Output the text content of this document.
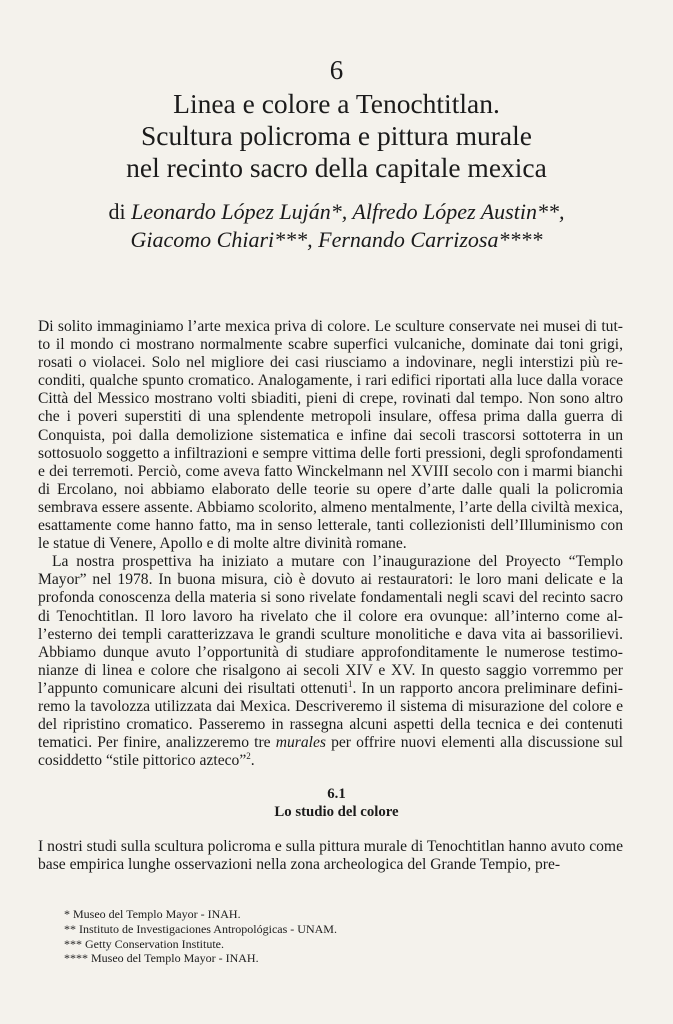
6
Linea e colore a Tenochtitlan.
Scultura policroma e pittura murale
nel recinto sacro della capitale mexica
di Leonardo López Luján*, Alfredo López Austin**,
Giacomo Chiari***, Fernando Carrizosa****

Di solito immaginiamo l’arte mexica priva di colore. Le sculture conservate nei musei di tutto il mondo ci mostrano normalmente scabre superfici vulcaniche, dominate dai toni grigi, rosati o violacei. Solo nel migliore dei casi riusciamo a indovinare, negli interstizi più reconditi, qualche spunto cromatico. Analogamente, i rari edifici riportati alla luce dalla vorace Città del Messico mostrano volti sbiaditi, pieni di crepe, rovinati dal tempo. Non sono altro che i poveri superstiti di una splendente metropoli insulare, offesa prima dalla guerra di Conquista, poi dalla demolizione sistematica e infine dai secoli trascorsi sottoterra in un sottosuolo soggetto a infiltrazioni e sempre vittima delle forti pressioni, degli sprofondamenti e dei terremoti. Perciò, come aveva fatto Winckelmann nel XVIII secolo con i marmi bianchi di Ercolano, noi abbiamo elaborato delle teorie su opere d’arte dalle quali la policromia sembrava essere assente. Abbiamo scolorito, almeno mentalmente, l’arte della civiltà mexica, esattamente come hanno fatto, ma in senso letterale, tanti collezionisti dell’Illuminismo con le statue di Venere, Apollo e di molte altre divinità romane.

La nostra prospettiva ha iniziato a mutare con l’inaugurazione del Proyecto “Templo Mayor” nel 1978. In buona misura, ciò è dovuto ai restauratori: le loro mani delicate e la profonda conoscenza della materia si sono rivelate fondamentali negli scavi del recinto sacro di Tenochtitlan. Il loro lavoro ha rivelato che il colore era ovunque: all’interno come all’esterno dei templi caratterizzava le grandi sculture monolitiche e dava vita ai bassorilievi. Abbiamo dunque avuto l’opportunità di studiare approfonditamente le numerose testimonianze di linea e colore che risalgono ai secoli XIV e XV. In questo saggio vorremmo per l’appunto comunicare alcuni dei risultati ottenuti$^1$. In un rapporto ancora preliminare definiremo la tavolozza utilizzata dai Mexica. Descriveremo il sistema di misurazione del colore e del ripristino cromatico. Passeremo in rassegna alcuni aspetti della tecnica e dei contenuti tematici. Per finire, analizzeremo tre murales per offrire nuovi elementi alla discussione sul cosiddetto “stile pittorico azteco”$^2$.

6.1
Lo studio del colore

I nostri studi sulla scultura policroma e sulla pittura murale di Tenochtitlan hanno avuto come base empirica lunghe osservazioni nella zona archeologica del Grande Tempio, pre-

* Museo del Templo Mayor - INAH.
** Instituto de Investigaciones Antropológicas - UNAM.
*** Getty Conservation Institute.
**** Museo del Templo Mayor - INAH.
